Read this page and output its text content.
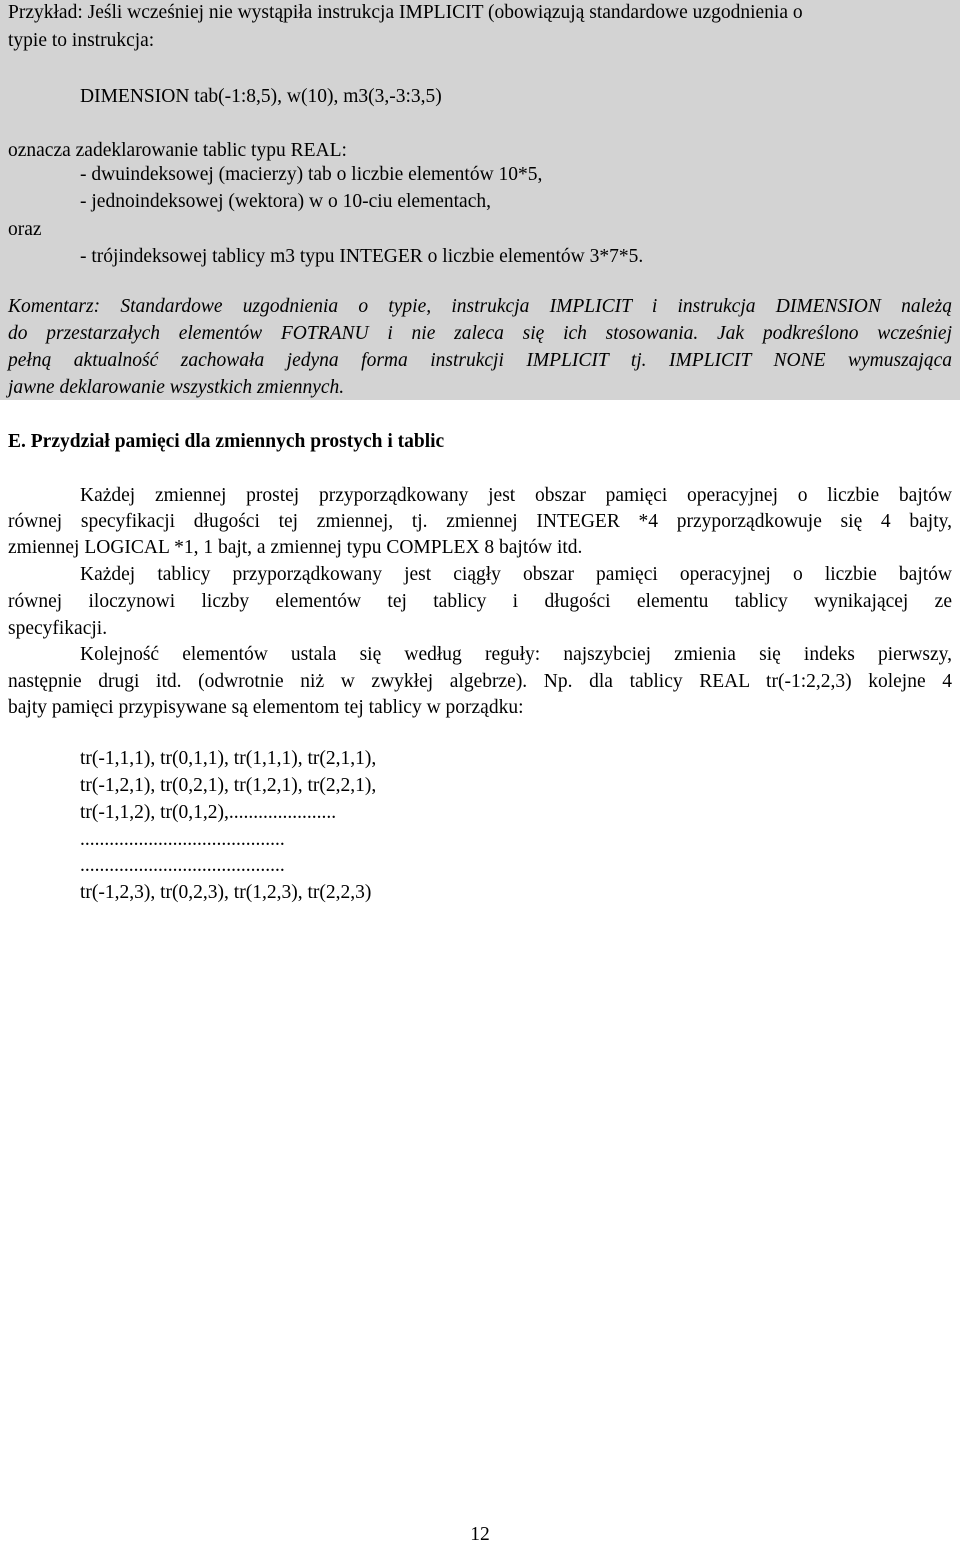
Przykład: Jeśli wcześniej nie wystąpiła instrukcja IMPLICIT (obowiązują standardowe uzgodnienia o
typie to instrukcja:
DIMENSION tab(-1:8,5), w(10), m3(3,-3:3,5)
oznacza zadeklarowanie tablic typu REAL:
- dwuindeksowej (macierzy) tab o liczbie elementów 10*5,
- jednoindeksowej (wektora) w o 10-ciu elementach,
oraz
- trójindeksowej tablicy m3 typu INTEGER o liczbie elementów 3*7*5.
Komentarz: Standardowe uzgodnienia o typie, instrukcja IMPLICIT i instrukcja DIMENSION należą
do przestarzałych elementów FOTRANU i nie zaleca się ich stosowania. Jak podkreślono wcześniej
pełną aktualność zachowała jedyna forma instrukcji IMPLICIT tj. IMPLICIT NONE wymuszająca
jawne deklarowanie wszystkich zmiennych.
E. Przydział pamięci dla zmiennych prostych i tablic
Każdej zmiennej prostej przyporządkowany jest obszar pamięci operacyjnej o liczbie bajtów
równej specyfikacji długości tej zmiennej, tj. zmiennej INTEGER *4 przyporządkowuje się 4 bajty,
zmiennej LOGICAL *1, 1 bajt, a zmiennej typu COMPLEX 8 bajtów itd.
Każdej tablicy przyporządkowany jest ciągły obszar pamięci operacyjnej o liczbie bajtów
równej iloczynowi liczby elementów tej tablicy i długości elementu tablicy wynikającej ze
specyfikacji.
Kolejność elementów ustala się według reguły: najszybciej zmienia się indeks pierwszy,
następnie drugi itd. (odwrotnie niż w zwykłej algebrze). Np. dla tablicy REAL tr(-1:2,2,3) kolejne 4
bajty pamięci przypisywane są elementom tej tablicy w porządku:
tr(-1,1,1), tr(0,1,1), tr(1,1,1), tr(2,1,1),
tr(-1,2,1), tr(0,2,1), tr(1,2,1), tr(2,2,1),
tr(-1,1,2), tr(0,1,2),......................
..........................................
..........................................
tr(-1,2,3), tr(0,2,3), tr(1,2,3), tr(2,2,3)
12
